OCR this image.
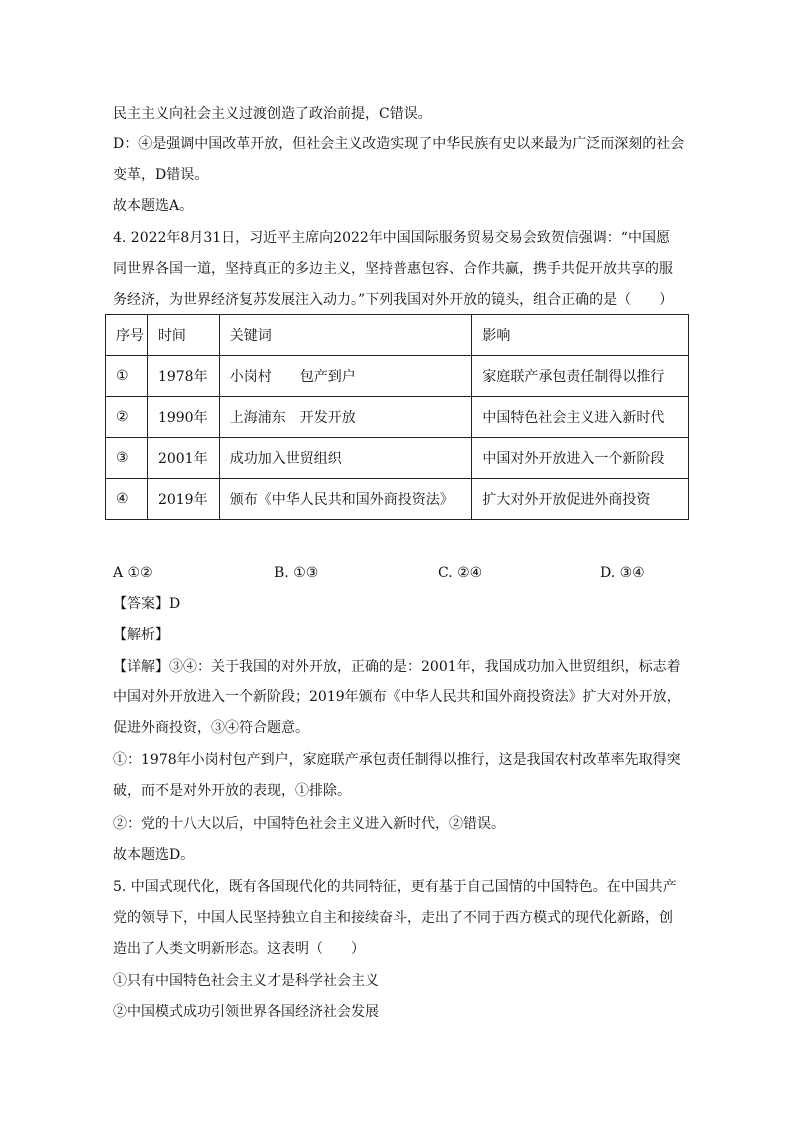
民主主义向社会主义过渡创造了政治前提，C错误。
D：④是强调中国改革开放，但社会主义改造实现了中华民族有史以来最为广泛而深刻的社会
变革，D错误。
故本题选A。
4. 2022年8月31日，习近平主席向2022年中国国际服务贸易交易会致贺信强调：“中国愿
同世界各国一道，坚持真正的多边主义，坚持普惠包容、合作共赢，携手共促开放共享的服
务经济，为世界经济复苏发展注入动力。”下列我国对外开放的镜头，组合正确的是（　　）
序号	时间	关键词	影响
①	1978年	小岗村　　包产到户	家庭联产承包责任制得以推行
②	1990年	上海浦东　开发开放	中国特色社会主义进入新时代
③	2001年	成功加入世贸组织	中国对外开放进入一个新阶段
④	2019年	颁布《中华人民共和国外商投资法》	扩大对外开放促进外商投资
A ①②	B. ①③	C. ②④	D. ③④
【答案】D
【解析】
【详解】③④：关于我国的对外开放，正确的是：2001年，我国成功加入世贸组织，标志着
中国对外开放进入一个新阶段；2019年颁布《中华人民共和国外商投资法》扩大对外开放，
促进外商投资，③④符合题意。
①：1978年小岗村包产到户，家庭联产承包责任制得以推行，这是我国农村改革率先取得突
破，而不是对外开放的表现，①排除。
②：党的十八大以后，中国特色社会主义进入新时代，②错误。
故本题选D。
5. 中国式现代化，既有各国现代化的共同特征，更有基于自己国情的中国特色。在中国共产
党的领导下，中国人民坚持独立自主和接续奋斗，走出了不同于西方模式的现代化新路，创
造出了人类文明新形态。这表明（　　）
①只有中国特色社会主义才是科学社会主义
②中国模式成功引领世界各国经济社会发展
